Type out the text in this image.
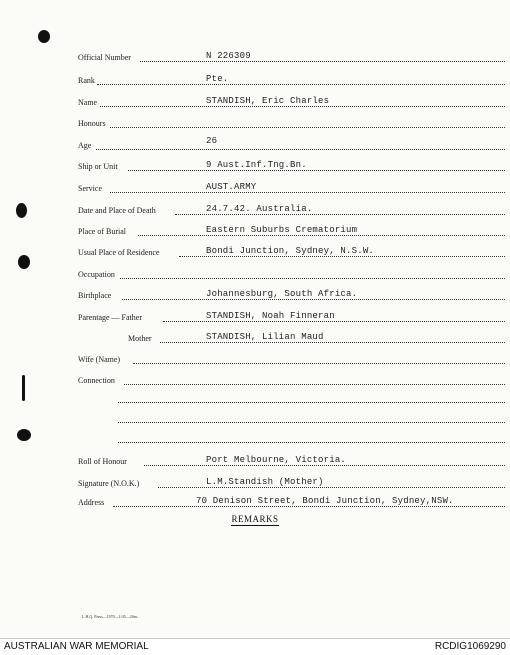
Official Number	N 226309
Rank	Pte.
Name	STANDISH, Eric Charles
Honours
Age	26
Ship or Unit	9 Aust.Inf.Tng.Bn.
Service	AUST.ARMY
Date and Place of Death	24.7.42. Australia.
Place of Burial	Eastern Suburbs Crematorium
Usual Place of Residence	Bondi Junction, Sydney, N.S.W.
Occupation
Birthplace	Johannesburg, South Africa.
Parentage — Father	STANDISH, Noah Finneran
Mother	STANDISH, Lilian Maud
Wife (Name)
Connection
Roll of Honour	Port Melbourne, Victoria.
Signature (N.O.K.)	L.M.Standish (Mother)
Address	70 Denison Street, Bondi Junction, Sydney,NSW.
REMARKS
L.H.Q. Press—1970—1/45—20m.
AUSTRALIAN WAR MEMORIAL	RCDIG1069290
